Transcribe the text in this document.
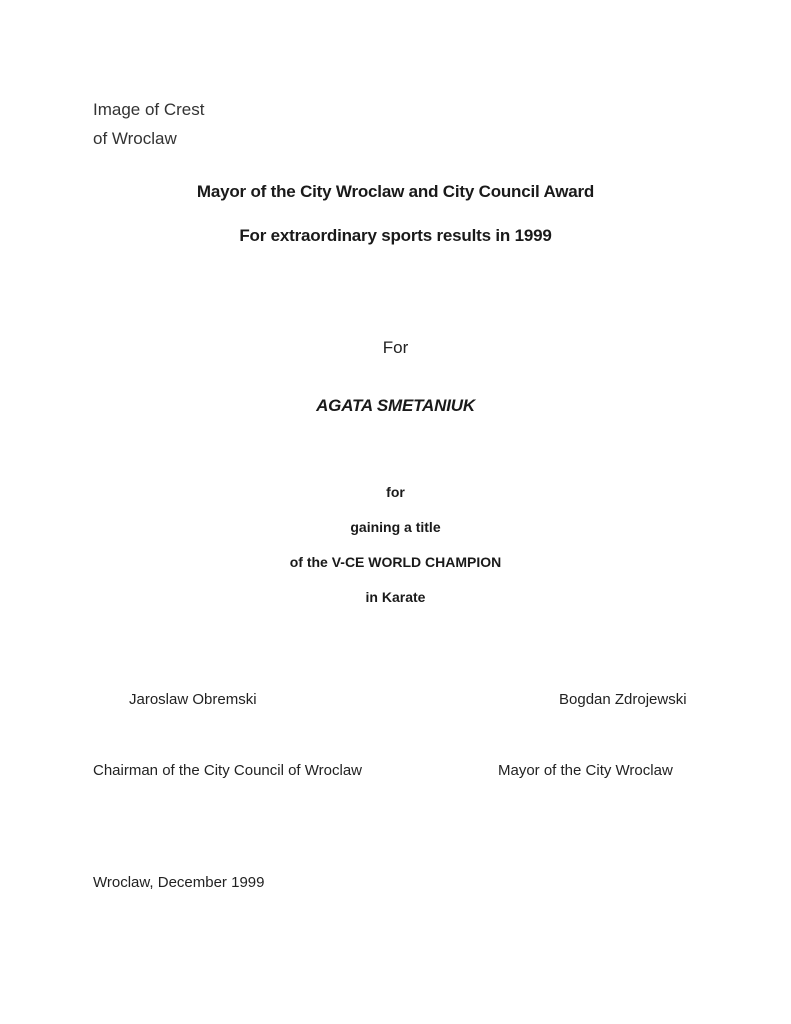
Image of Crest
of Wroclaw
Mayor of the City Wroclaw and City Council Award
For extraordinary sports results in 1999
For
AGATA SMETANIUK
for
gaining a title
of the V-CE WORLD CHAMPION
in Karate
Jaroslaw Obremski	Bogdan Zdrojewski
Chairman of the City Council of Wroclaw	Mayor of the City Wroclaw
Wroclaw, December 1999
